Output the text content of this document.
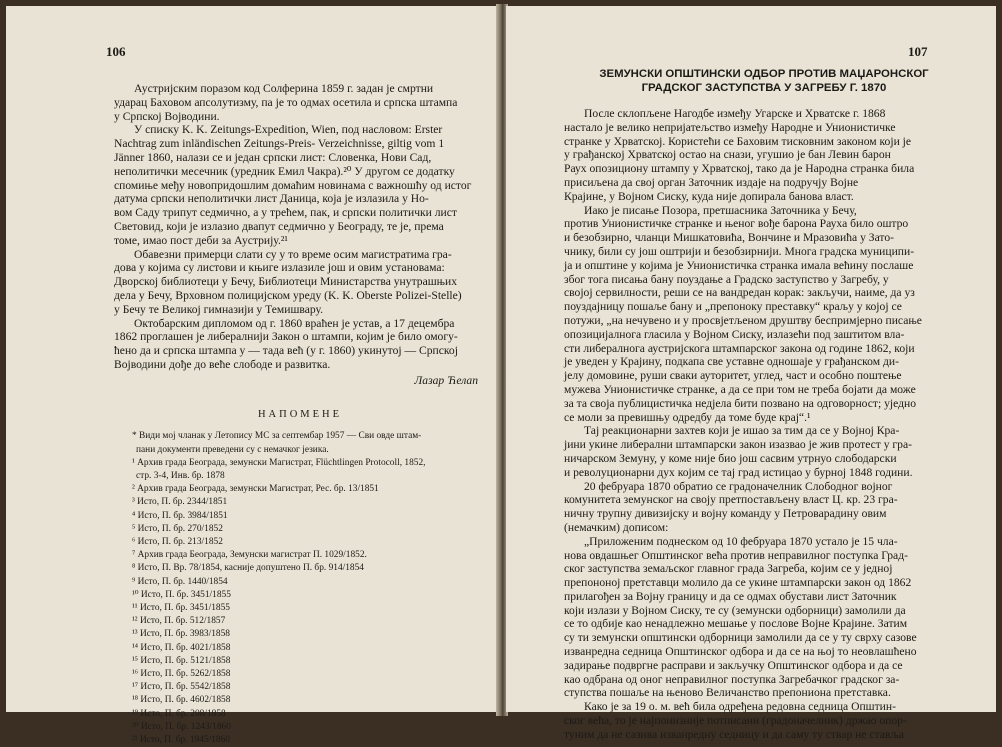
106
Аустријским поразом код Солферина 1859 г. задан је смртни
ударац Баховом апсолутизму, па је то одмах осетила и српска штампа
у Српској Војводини.
У списку K. K. Zeitungs-Expedition, Wien, под насловом: Erster
Nachtrag zum inländischen Zeitungs-Preis- Verzeichnisse, giltig vom 1
Jänner 1860, налази се и један српски лист: Словенка, Нови Сад,
неполитички месечник (уредник Емил Чакра).²⁰ У другом се додатку
спомиње међу новопридошлим домаћим новинама с важношћу од истог
датума српски неполитички лист Даница, која је излазила у Но-
вом Саду трипут седмично, а у трећем, пак, и српски политички лист
Световид, који је излазио двапут седмично у Београду, те је, према
томе, имао пост деби за Аустрију.²¹
Обавезни примерци слати су у то време осим магистратима гра-
дова у којима су листови и књиге излазиле још и овим установама:
Дворској библиотеци у Бечу, Библиотеци Министарства унутрашњих
дела у Бечу, Врховном полицијском уреду (K. K. Oberste Polizei-Stelle)
у Бечу те Великој гимназији у Темишвару.
Октобарским дипломом од г. 1860 враћен је устав, а 17 децембра
1862 проглашен је либералнији Закон о штампи, којим је било омогу-
ћено да и српска штампа у — тада већ (у г. 1860) укинутој — Српској
Војводини дође до веће слободе и развитка.
Лазар Ћелап
НАПОМЕНЕ
* Види мој чланак у Летопису МС за септембар 1957 — Сви овде штам-
пани документи преведени су с немачког језика.
¹ Архив града Београда, земунски Магистрат, Flüchtlingen Protocoll, 1852,
стр. 3-4, Инв. бр. 1878
² Архив града Београда, земунски Магистрат, Рес. бр. 13/1851
³ Исто, П. бр. 2344/1851
⁴ Исто, П. бр. 3984/1851
⁵ Исто, П. бр. 270/1852
⁶ Исто, П. бр. 213/1852
⁷ Архив града Београда, Земунски магистрат П. 1029/1852.
⁸ Исто, П. Вр. 78/1854, касније допуштено П. бр. 914/1854
⁹ Исто, П. бр. 1440/1854
¹⁰ Исто, П. бр. 3451/1855
¹¹ Исто, П. бр. 3451/1855
¹² Исто, П. бр. 512/1857
¹³ Исто, П. бр. 3983/1858
¹⁴ Исто, П. бр. 4021/1858
¹⁵ Исто, П. бр. 5121/1858
¹⁶ Исто, П. бр. 5262/1858
¹⁷ Исто, П. бр. 5542/1858
¹⁸ Исто, П. бр. 4602/1858
¹⁹ Исто, П. бр. 208/1858
²⁰ Исто, П. бр. 1243/1860
²¹ Исто, П. бр. 1945/1860
107
ЗЕМУНСКИ ОПШТИНСКИ ОДБОР ПРОТИВ МАЏАРОНСКОГ
ГРАДСКОГ ЗАСТУПСТВА У ЗАГРЕБУ Г. 1870
После склопљене Нагодбе између Угарске и Хрватске г. 1868
настало је велико непријатељство између Народне и Унионистичке
странке у Хрватској. Користећи се Баховим тисковним законом који је
у грађанској Хрватској остао на снази, угушио је бан Левин барон
Раух опозициону штампу у Хрватској, тако да је Народна странка била
присиљена да свој орган Заточник издаје на подручју Војне
Крајине, у Војном Сиску, куда није допирала банова власт.
Иако је писање Позора, претшасника Заточника у Бечу,
против Унионистичке странке и њеног вође барона Рауха било оштро
и безобзирно, чланци Мишкатовића, Вончине и Мразовића у Зато-
чнику, били су још оштрији и безобзирнији. Многа градска муниципи-
ја и општине у којима је Унионистичка странка имала већину послаше
због тога писања бану поуздање а Градско заступство у Загребу, у
својој сервилности, реши се на вандредан корак: закључи, наиме, да уз
поуздајницу пошаље бану и „препоноку преставку“ краљу у којој се
потужи, „на нечувено и у просвјетљеном друштву беспримјерно писање
опозицијалнога гласила у Војном Сиску, излазећи под заштитом вла-
сти либералнога аустријскога штампарског закона од године 1862, који
је уведен у Крајину, подкапа све уставне одношаје у грађанском ди-
јелу домовине, руши сваки ауторитет, углед, част и особно поштење
мужева Унионистичке странке, а да се при том не треба бојати да може
за та своја публицистичка недјела бити позвано на одговорност; уједно
се моли за превишњу одредбу да томе буде крај“.¹
Тај реакционарни захтев који је ишао за тим да се у Војној Кра-
јини укине либерални штампарски закон изазвао је жив протест у гра-
ничарском Земуну, у коме није био још сасвим утрнуо слободарски
и револуционарни дух којим се тај град истицао у бурној 1848 години.
20 фебруара 1870 обратио се градоначелник Слободног војног
комунитета земунског на своју претпостављену власт Ц. кр. 23 гра-
ничну трупну дивизијску и војну команду у Петроварадину овим
(немачким) дописом:
„Приложеним поднеском од 10 фебруара 1870 устало је 15 чла-
нова овдашњег Општинског већа против неправилног поступка Град-
ског заступства земаљског главног града Загреба, којим се у једној
препононој претставци молило да се укине штампарски закон од 1862
прилагођен за Војну границу и да се одмах обустави лист Заточник
који излази у Војном Сиску, те су (земунски одборници) замолили да
се то одбије као ненадлежно мешање у послове Војне Крајине. Затим
су ти земунски општински одборници замолили да се у ту сврху сазове
изванредна седница Општинског одбора и да се на њој то неовлашћено
задирање подвргне расправи и закључку Општинског одбора и да се
као одбрана од оног неправилног поступка Загребачког градског за-
ступства пошаље на њеново Величанство препониона претставка.
Како је за 19 о. м. већ била одређена редовна седница Општин-
ског већа, то је најпонизније потписани (градоначелник) држао опор-
туним да не сазива изванредну седницу и да саму ту ствар не ставља
